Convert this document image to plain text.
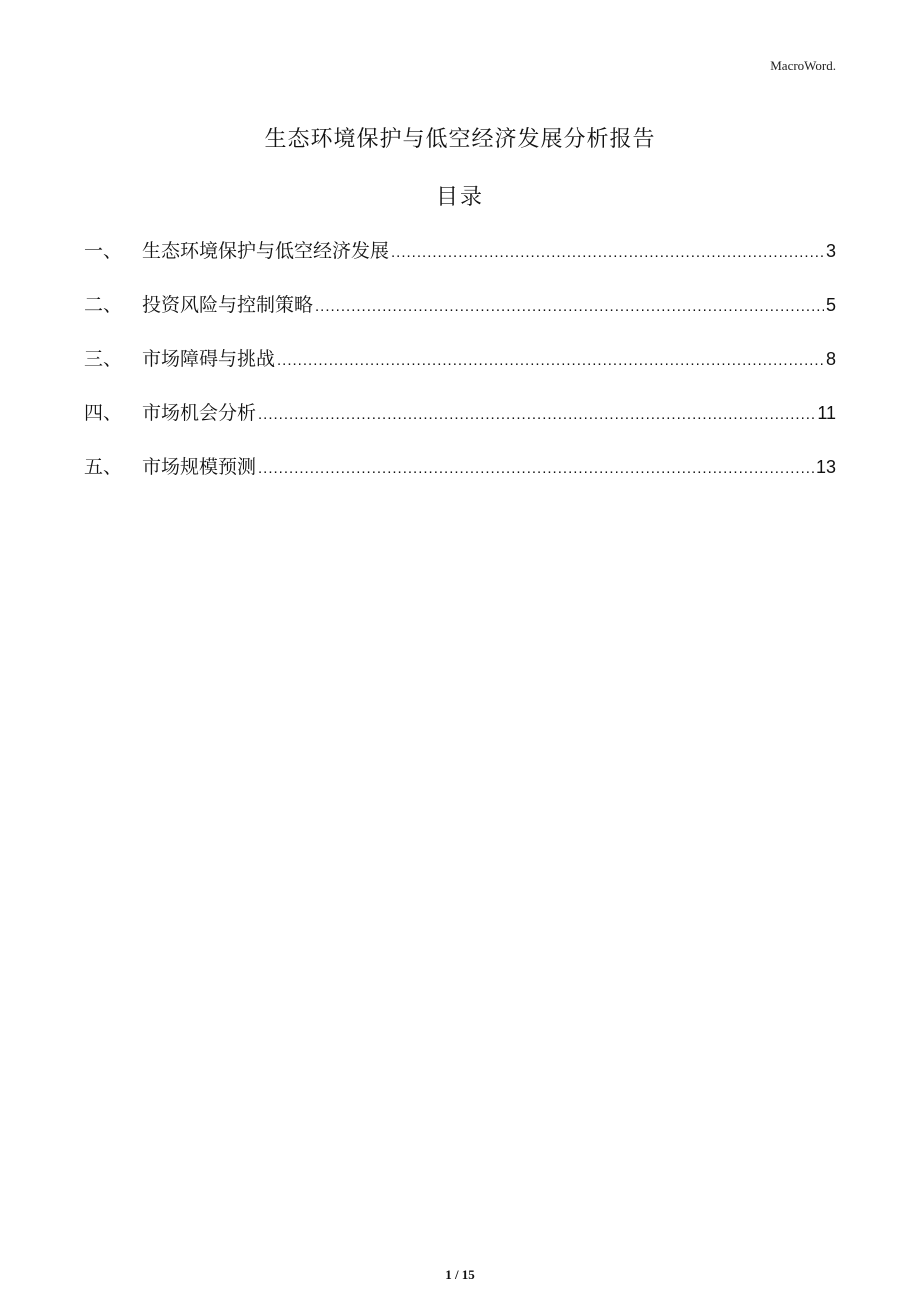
MacroWord.
生态环境保护与低空经济发展分析报告
目录
一、	生态环境保护与低空经济发展 .....	3
二、	投资风险与控制策略 .....	5
三、	市场障碍与挑战 .....	8
四、	市场机会分析 .....	11
五、	市场规模预测 .....	13
1 / 15
